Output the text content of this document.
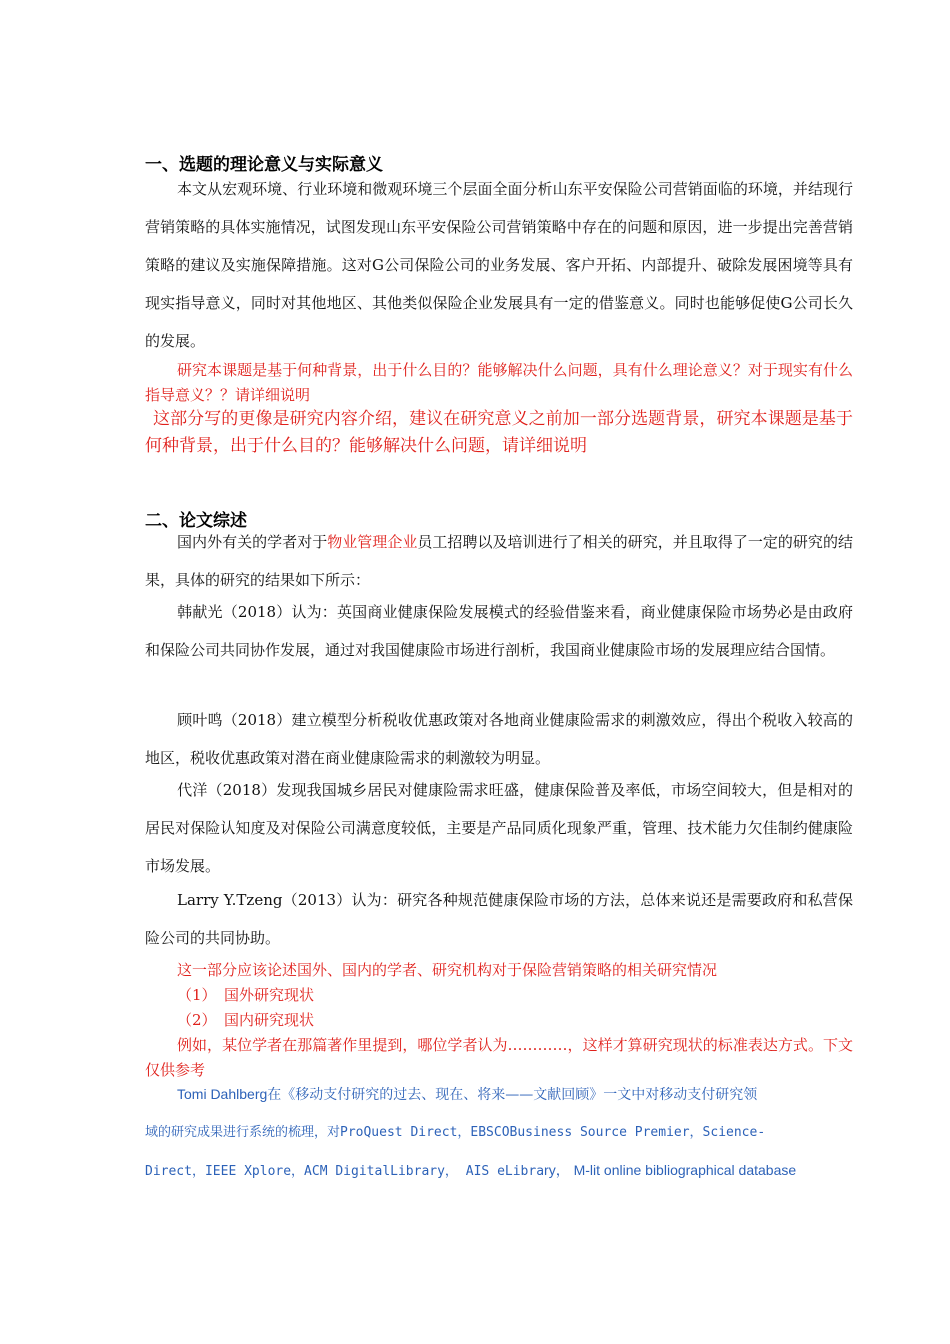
一、选题的理论意义与实际意义

本文从宏观环境、行业环境和微观环境三个层面全面分析山东平安保险公司营销面临的环境，并结现行营销策略的具体实施情况，试图发现山东平安保险公司营销策略中存在的问题和原因，进一步提出完善营销策略的建议及实施保障措施。这对G公司保险公司的业务发展、客户开拓、内部提升、破除发展困境等具有现实指导意义，同时对其他地区、其他类似保险企业发展具有一定的借鉴意义。同时也能够促使G公司长久的发展。

研究本课题是基于何种背景，出于什么目的？能够解决什么问题，具有什么理论意义？对于现实有什么指导意义？？请详细说明

这部分写的更像是研究内容介绍，建议在研究意义之前加一部分选题背景，研究本课题是基于何种背景，出于什么目的？能够解决什么问题，请详细说明

二、论文综述

国内外有关的学者对于物业管理企业员工招聘以及培训进行了相关的研究，并且取得了一定的研究的结果，具体的研究的结果如下所示：

韩献光（2018）认为：英国商业健康保险发展模式的经验借鉴来看，商业健康保险市场势必是由政府和保险公司共同协作发展，通过对我国健康险市场进行剖析，我国商业健康险市场的发展理应结合国情。

顾叶鸣（2018）建立模型分析税收优惠政策对各地商业健康险需求的刺激效应，得出个税收入较高的地区，税收优惠政策对潜在商业健康险需求的刺激较为明显。

代洋（2018）发现我国城乡居民对健康险需求旺盛，健康保险普及率低，市场空间较大，但是相对的居民对保险认知度及对保险公司满意度较低，主要是产品同质化现象严重，管理、技术能力欠佳制约健康险市场发展。

Larry Y.Tzeng（2013）认为：研究各种规范健康保险市场的方法，总体来说还是需要政府和私营保险公司的共同协助。

这一部分应该论述国外、国内的学者、研究机构对于保险营销策略的相关研究情况

（1）　国外研究现状

（2）　国内研究现状

例如，某位学者在那篇著作里提到，哪位学者认为…………，这样才算研究现状的标准表达方式。下文仅供参考

Tomi Dahlberg在《移动支付研究的过去、现在、将来——文献回顾》一文中对移动支付研究领
域的研究成果进行系统的梳理，对ProQuest Direct，EBSCOBusiness Source Premier，Science-
Direct，IEEE Xplore，ACM DigitalLibrary， AIS eLibrary， M-lit online bibliographical database
